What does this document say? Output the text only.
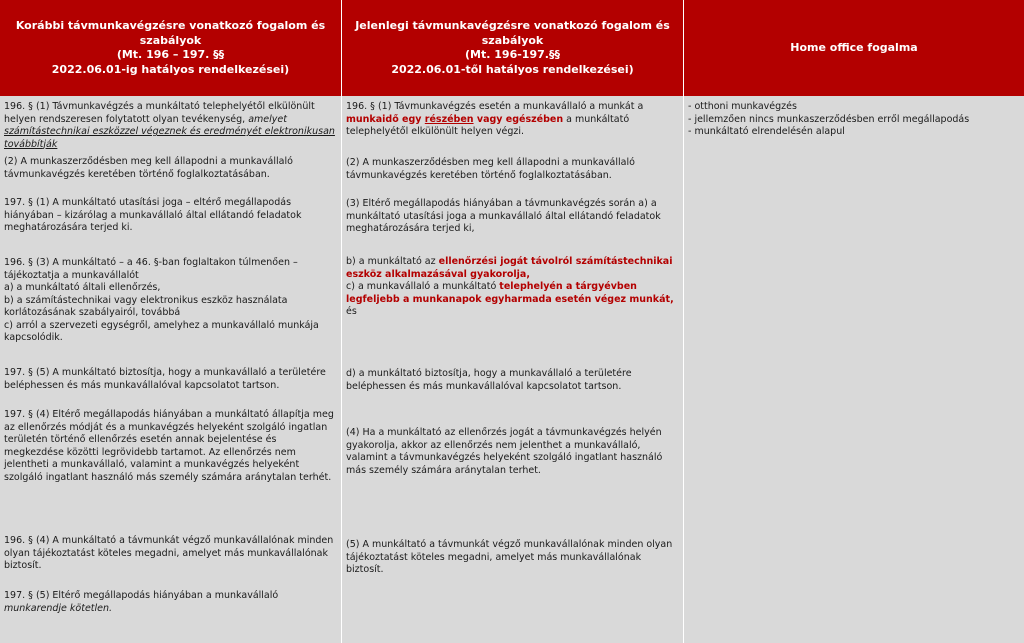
Korábbi távmunkavégzésre vonatkozó fogalom és szabályok
(Mt. 196 – 197. §§
2022.06.01-ig hatályos rendelkezései)
Jelenlegi távmunkavégzésre vonatkozó fogalom és szabályok
(Mt. 196-197.§§
2022.06.01-től hatályos rendelkezései)
Home office fogalma

196. § (1) Távmunkavégzés a munkáltató telephelyétől elkülönült helyen rendszeresen folytatott olyan tevékenység, amelyet számítástechnikai eszközzel végeznek és eredményét elektronikusan továbbítják

(2) A munkaszerződésben meg kell állapodni a munkavállaló távmunkavégzés keretében történő foglalkoztatásában.

197. § (1) A munkáltató utasítási joga – eltérő megállapodás hiányában – kizárólag a munkavállaló által ellátandó feladatok meghatározására terjed ki.

196. § (3) A munkáltató – a 46. §-ban foglaltakon túlmenően – tájékoztatja a munkavállalót

a) a munkáltató általi ellenőrzés,

b) a számítástechnikai vagy elektronikus eszköz használata korlátozásának szabályairól, továbbá

c) arról a szervezeti egységről, amelyhez a munkavállaló munkája kapcsolódik.

197. § (5) A munkáltató biztosítja, hogy a munkavállaló a területére beléphessen és más munkavállalóval kapcsolatot tartson.

197. § (4) Eltérő megállapodás hiányában a munkáltató állapítja meg az ellenőrzés módját és a munkavégzés helyeként szolgáló ingatlan területén történő ellenőrzés esetén annak bejelentése és megkezdése közötti legrövidebb tartamot. Az ellenőrzés nem jelentheti a munkavállaló, valamint a munkavégzés helyeként szolgáló ingatlant használó más személy számára aránytalan terhét.

196. § (4) A munkáltató a távmunkát végző munkavállalónak minden olyan tájékoztatást köteles megadni, amelyet más munkavállalónak biztosít.

197. § (5) Eltérő megállapodás hiányában a munkavállaló munkarendje kötetlen.

196. § (1) Távmunkavégzés esetén a munkavállaló a munkát a munkaidő egy részében vagy egészében a munkáltató telephelyétől elkülönült helyen végzi.

(2) A munkaszerződésben meg kell állapodni a munkavállaló távmunkavégzés keretében történő foglalkoztatásában.

(3) Eltérő megállapodás hiányában a távmunkavégzés során a) a munkáltató utasítási joga a munkavállaló által ellátandó feladatok meghatározására terjed ki,

b) a munkáltató az ellenőrzési jogát távolról számítástechnikai eszköz alkalmazásával gyakorolja,
c) a munkavállaló a munkáltató telephelyén a tárgyévben legfeljebb a munkanapok egyharmada esetén végez munkát,
és

d) a munkáltató biztosítja, hogy a munkavállaló a területére beléphessen és más munkavállalóval kapcsolatot tartson.

(4) Ha a munkáltató az ellenőrzés jogát a távmunkavégzés helyén gyakorolja, akkor az ellenőrzés nem jelenthet a munkavállaló, valamint a távmunkavégzés helyeként szolgáló ingatlant használó más személy számára aránytalan terhet.

(5) A munkáltató a távmunkát végző munkavállalónak minden olyan tájékoztatást köteles megadni, amelyet más munkavállalónak biztosít.

- otthoni munkavégzés

- jellemzően nincs munkaszerződésben erről megállapodás

- munkáltató elrendelésén alapul
